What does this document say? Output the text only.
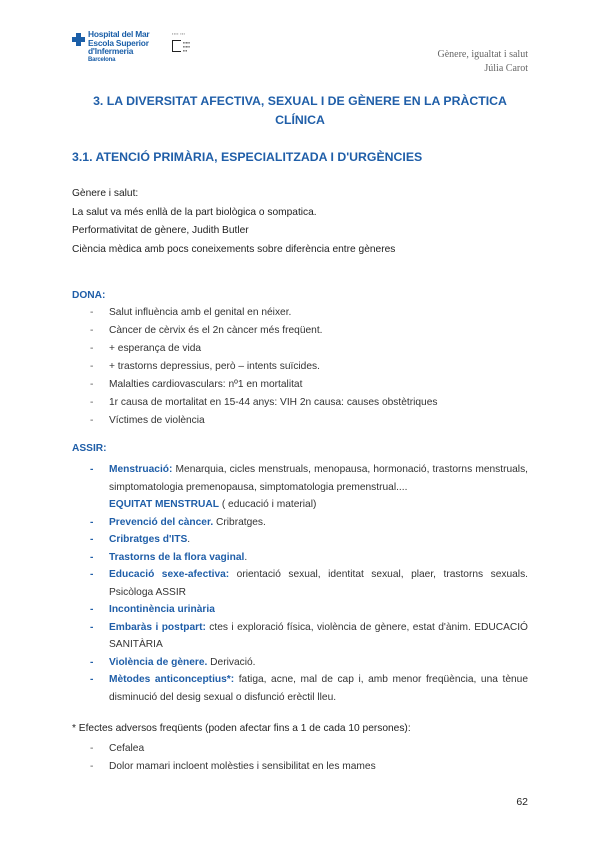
Hospital del Mar
Escola Superior
d'Infermeria
Barcelona
▪▪▪▪ ▪▪▪
▪▪▪▪▪
▪▪▪▪▪
▪▪▪	Gènere, igualtat i salut
Júlia Carot
3. LA DIVERSITAT AFECTIVA, SEXUAL I DE GÈNERE EN LA PRÀCTICA CLÍNICA
3.1. ATENCIÓ PRIMÀRIA, ESPECIALITZADA I D'URGÈNCIES
Gènere i salut:
La salut va més enllà de la part biològica o sompatica.
Performativitat de gènere, Judith Butler
Ciència mèdica amb pocs coneixements sobre diferència entre gèneres
DONA:
- Salut influència amb el genital en néixer.
- Càncer de cèrvix és el 2n càncer més freqüent.
- + esperança de vida
- + trastorns depressius, però – intents suïcides.
- Malalties cardiovasculars: nº1 en mortalitat
- 1r causa de mortalitat en 15-44 anys: VIH 2n causa: causes obstètriques
- Víctimes de violència
ASSIR:
- Menstruació: Menarquia, cicles menstruals, menopausa, hormonació, trastorns menstruals, simptomatologia premenopausa, simptomatologia premenstrual....
EQUITAT MENSTRUAL ( educació i material)
- Prevenció del càncer. Cribratges.
- Cribratges d'ITS.
- Trastorns de la flora vaginal.
- Educació sexe-afectiva: orientació sexual, identitat sexual, plaer, trastorns sexuals. Psicòloga ASSIR
- Incontinència urinària
- Embaràs i postpart: ctes i exploració física, violència de gènere, estat d'ànim. EDUCACIÓ SANITÀRIA
- Violència de gènere. Derivació.
- Mètodes anticonceptius*: fatiga, acne, mal de cap i, amb menor freqüència, una tènue disminució del desig sexual o disfunció erèctil lleu.
* Efectes adversos freqüents (poden afectar fins a 1 de cada 10 persones):
- Cefalea
- Dolor mamari incloent molèsties i sensibilitat en les mames
62
